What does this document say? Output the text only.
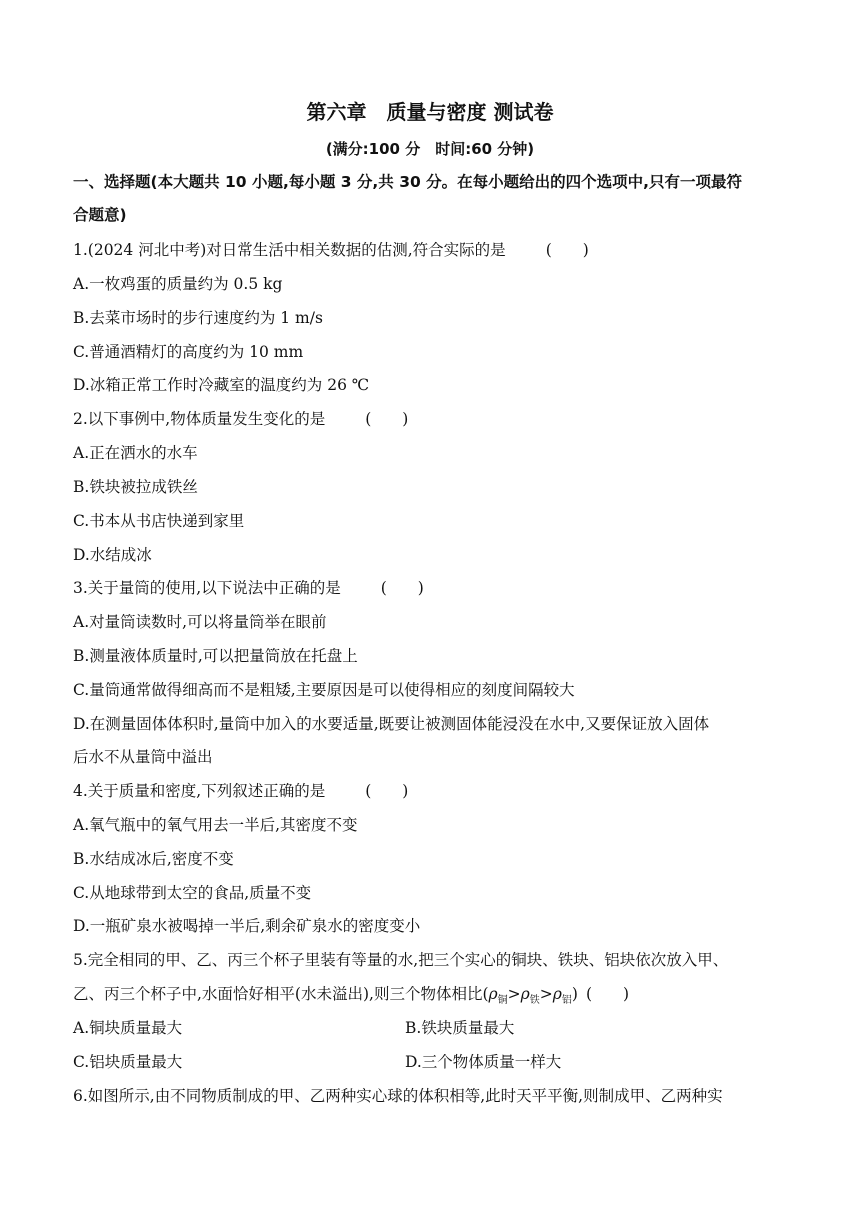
第六章　质量与密度 测试卷
(满分:100 分　时间:60 分钟)
一、选择题(本大题共 10 小题,每小题 3 分,共 30 分。在每小题给出的四个选项中,只有一项最符
合题意)
1.(2024 河北中考)对日常生活中相关数据的估测,符合实际的是	(　　)
A.一枚鸡蛋的质量约为 0.5 kg
B.去菜市场时的步行速度约为 1 m/s
C.普通酒精灯的高度约为 10 mm
D.冰箱正常工作时冷藏室的温度约为 26 ℃
2.以下事例中,物体质量发生变化的是	(　　)
A.正在洒水的水车
B.铁块被拉成铁丝
C.书本从书店快递到家里
D.水结成冰
3.关于量筒的使用,以下说法中正确的是	(　　)
A.对量筒读数时,可以将量筒举在眼前
B.测量液体质量时,可以把量筒放在托盘上
C.量筒通常做得细高而不是粗矮,主要原因是可以使得相应的刻度间隔较大
D.在测量固体体积时,量筒中加入的水要适量,既要让被测固体能浸没在水中,又要保证放入固体
后水不从量筒中溢出
4.关于质量和密度,下列叙述正确的是	(　　)
A.氧气瓶中的氧气用去一半后,其密度不变
B.水结成冰后,密度不变
C.从地球带到太空的食品,质量不变
D.一瓶矿泉水被喝掉一半后,剩余矿泉水的密度变小
5.完全相同的甲、乙、丙三个杯子里装有等量的水,把三个实心的铜块、铁块、铝块依次放入甲、
乙、丙三个杯子中,水面恰好相平(水未溢出),则三个物体相比$(\rho_铜>\rho_铁>\rho_铝)$ (　　)
A.铜块质量最大	B.铁块质量最大
C.铝块质量最大	D.三个物体质量一样大
6.如图所示,由不同物质制成的甲、乙两种实心球的体积相等,此时天平平衡,则制成甲、乙两种实
